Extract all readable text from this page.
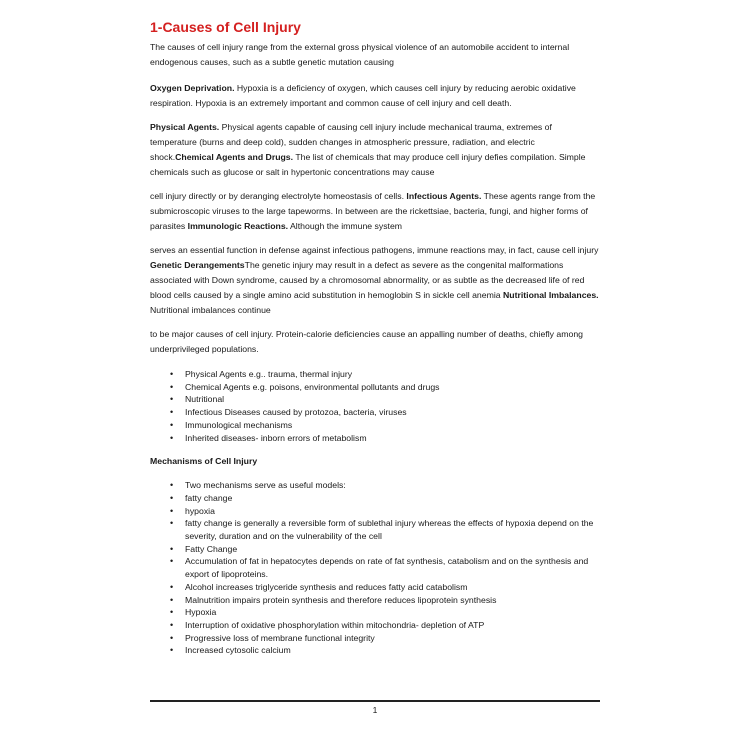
1-Causes of Cell Injury

The causes of cell injury range from the external gross physical violence of an automobile accident to internal endogenous causes, such as a subtle genetic mutation causing

Oxygen Deprivation. Hypoxia is a deficiency of oxygen, which causes cell injury by reducing aerobic oxidative respiration. Hypoxia is an extremely important and common cause of cell injury and cell death.

Physical Agents. Physical agents capable of causing cell injury include mechanical trauma, extremes of temperature (burns and deep cold), sudden changes in atmospheric pressure, radiation, and electric shock.Chemical Agents and Drugs. The list of chemicals that may produce cell injury defies compilation. Simple chemicals such as glucose or salt in hypertonic concentrations may cause

cell injury directly or by deranging electrolyte homeostasis of cells. Infectious Agents. These agents range from the submicroscopic viruses to the large tapeworms. In between are the rickettsiae, bacteria, fungi, and higher forms of parasites Immunologic Reactions. Although the immune system

serves an essential function in defense against infectious pathogens, immune reactions may, in fact, cause cell injury Genetic DerangementsThe genetic injury may result in a defect as severe as the congenital malformations associated with Down syndrome, caused by a chromosomal abnormality, or as subtle as the decreased life of red blood cells caused by a single amino acid substitution in hemoglobin S in sickle cell anemia Nutritional Imbalances. Nutritional imbalances continue

to be major causes of cell injury. Protein-calorie deficiencies cause an appalling number of deaths, chiefly among underprivileged populations.

• Physical Agents e.g.. trauma, thermal injury
• Chemical Agents e.g. poisons, environmental pollutants and drugs
• Nutritional
• Infectious Diseases caused by protozoa, bacteria, viruses
• Immunological mechanisms
• Inherited diseases- inborn errors of metabolism
Mechanisms of Cell Injury
• Two mechanisms serve as useful models:
• fatty change
• hypoxia
• fatty change is generally a reversible form of sublethal injury whereas the effects of hypoxia depend on the severity, duration and on the vulnerability of the cell
• Fatty Change
• Accumulation of fat in hepatocytes depends on rate of fat synthesis, catabolism and on the synthesis and export of lipoproteins.
• Alcohol increases triglyceride synthesis and reduces fatty acid catabolism
• Malnutrition impairs protein synthesis and therefore reduces lipoprotein synthesis
• Hypoxia
• Interruption of oxidative phosphorylation within mitochondria- depletion of ATP
• Progressive loss of membrane functional integrity
• Increased cytosolic calcium
1
